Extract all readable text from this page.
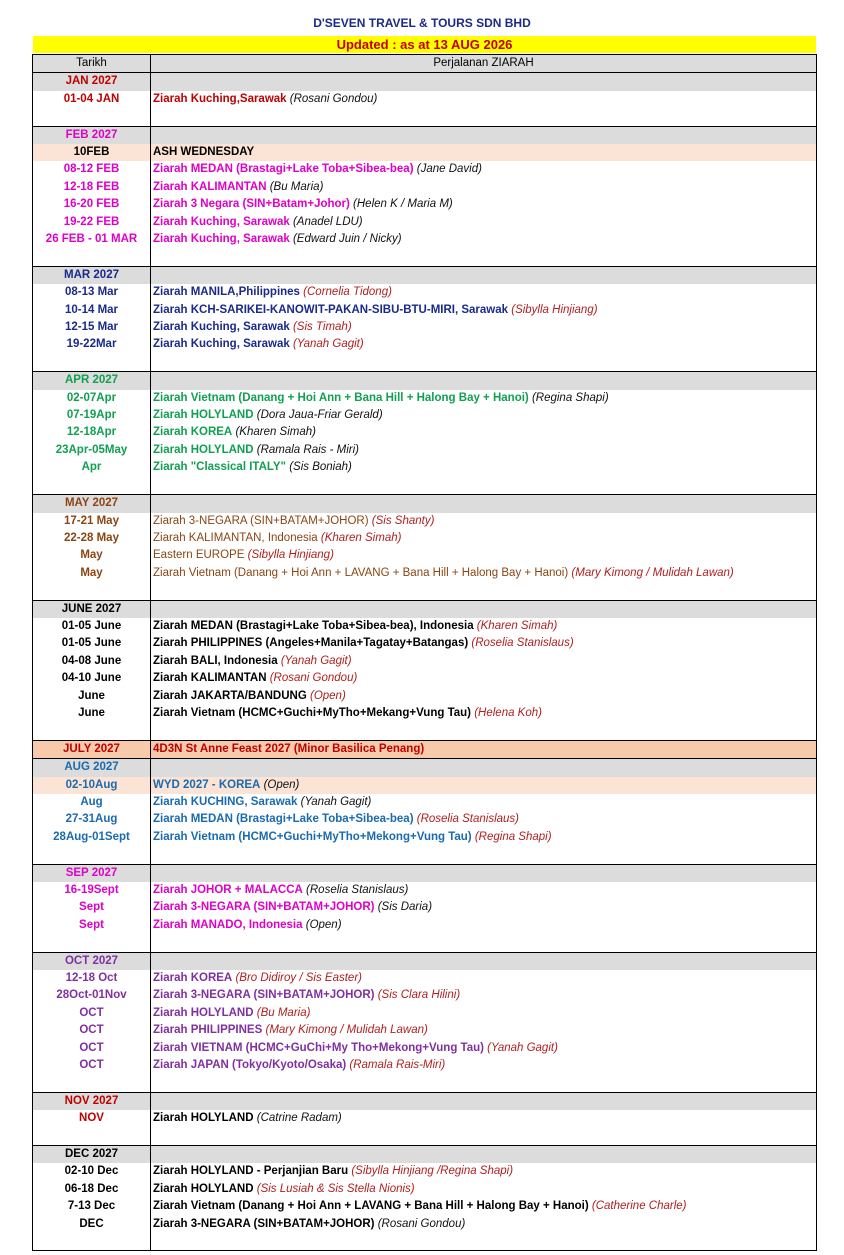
D'SEVEN TRAVEL & TOURS SDN BHD
Updated : as at 13 AUG 2026
Tarikh	Perjalanan ZIARAH
JAN 2027	
01-04 JAN	Ziarah Kuching,Sarawak (Rosani Gondou)

FEB 2027	
10FEB	ASH WEDNESDAY
08-12 FEB	Ziarah MEDAN (Brastagi+Lake Toba+Sibea-bea) (Jane David)
12-18 FEB	Ziarah KALIMANTAN (Bu Maria)
16-20 FEB	Ziarah 3 Negara (SIN+Batam+Johor) (Helen K / Maria M)
19-22 FEB	Ziarah Kuching, Sarawak (Anadel LDU)
26 FEB - 01 MAR	Ziarah Kuching, Sarawak (Edward Juin / Nicky)

MAR 2027	
08-13 Mar	Ziarah MANILA,Philippines (Cornelia Tidong)
10-14 Mar	Ziarah KCH-SARIKEI-KANOWIT-PAKAN-SIBU-BTU-MIRI, Sarawak (Sibylla Hinjiang)
12-15 Mar	Ziarah Kuching, Sarawak (Sis Timah)
19-22Mar	Ziarah Kuching, Sarawak (Yanah Gagit)

APR 2027	
02-07Apr	Ziarah Vietnam (Danang + Hoi Ann + Bana Hill + Halong Bay + Hanoi) (Regina Shapi)
07-19Apr	Ziarah HOLYLAND (Dora Jaua-Friar Gerald)
12-18Apr	Ziarah KOREA (Kharen Simah)
23Apr-05May	Ziarah HOLYLAND (Ramala Rais - Miri)
Apr	Ziarah "Classical ITALY" (Sis Boniah)

MAY 2027	
17-21 May	Ziarah 3-NEGARA (SIN+BATAM+JOHOR) (Sis Shanty)
22-28 May	Ziarah KALIMANTAN, Indonesia (Kharen Simah)
May	Eastern EUROPE (Sibylla Hinjiang)
May	Ziarah Vietnam (Danang + Hoi Ann + LAVANG + Bana Hill + Halong Bay + Hanoi) (Mary Kimong / Mulidah Lawan)

JUNE 2027	
01-05 June	Ziarah MEDAN (Brastagi+Lake Toba+Sibea-bea), Indonesia (Kharen Simah)
01-05 June	Ziarah PHILIPPINES (Angeles+Manila+Tagatay+Batangas) (Roselia Stanislaus)
04-08 June	Ziarah BALI, Indonesia (Yanah Gagit)
04-10 June	Ziarah KALIMANTAN (Rosani Gondou)
June	Ziarah JAKARTA/BANDUNG (Open)
June	Ziarah Vietnam (HCMC+Guchi+MyTho+Mekang+Vung Tau) (Helena Koh)

JULY 2027	4D3N St Anne Feast 2027 (Minor Basilica Penang)
AUG 2027	
02-10Aug	WYD 2027 - KOREA (Open)
Aug	Ziarah KUCHING, Sarawak (Yanah Gagit)
27-31Aug	Ziarah MEDAN (Brastagi+Lake Toba+Sibea-bea) (Roselia Stanislaus)
28Aug-01Sept	Ziarah Vietnam (HCMC+Guchi+MyTho+Mekong+Vung Tau) (Regina Shapi)

SEP 2027	
16-19Sept	Ziarah JOHOR + MALACCA (Roselia Stanislaus)
Sept	Ziarah 3-NEGARA (SIN+BATAM+JOHOR) (Sis Daria)
Sept	Ziarah MANADO, Indonesia (Open)

OCT 2027	
12-18 Oct	Ziarah KOREA (Bro Didiroy / Sis Easter)
28Oct-01Nov	Ziarah 3-NEGARA (SIN+BATAM+JOHOR) (Sis Clara Hilini)
OCT	Ziarah HOLYLAND (Bu Maria)
OCT	Ziarah PHILIPPINES (Mary Kimong / Mulidah Lawan)
OCT	Ziarah VIETNAM (HCMC+GuChi+My Tho+Mekong+Vung Tau) (Yanah Gagit)
OCT	Ziarah JAPAN (Tokyo/Kyoto/Osaka) (Ramala Rais-Miri)

NOV 2027	
NOV	Ziarah HOLYLAND (Catrine Radam)

DEC 2027	
02-10 Dec	Ziarah HOLYLAND - Perjanjian Baru (Sibylla Hinjiang /Regina Shapi)
06-18 Dec	Ziarah HOLYLAND (Sis Lusiah & Sis Stella Nionis)
7-13 Dec	Ziarah Vietnam (Danang + Hoi Ann + LAVANG + Bana Hill + Halong Bay + Hanoi) (Catherine Charle)
DEC	Ziarah 3-NEGARA (SIN+BATAM+JOHOR) (Rosani Gondou)
